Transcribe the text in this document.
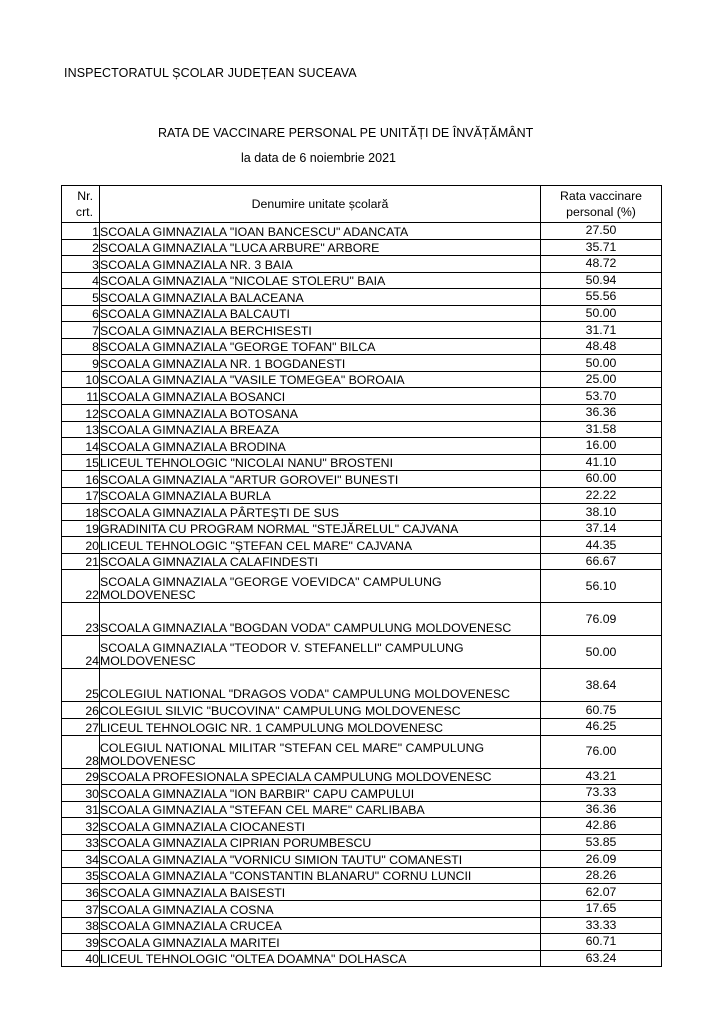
INSPECTORATUL ȘCOLAR JUDEȚEAN SUCEAVA
RATA DE VACCINARE PERSONAL PE UNITĂȚI DE ÎNVĂȚĂMÂNT
la data de 6 noiembrie 2021
Nr.
crt.	Denumire unitate școlară	Rata vaccinare
personal (%)

1	SCOALA GIMNAZIALA "IOAN BANCESCU" ADANCATA	27.50
2	SCOALA GIMNAZIALA "LUCA ARBURE" ARBORE	35.71
3	SCOALA GIMNAZIALA NR. 3 BAIA	48.72
4	SCOALA GIMNAZIALA "NICOLAE STOLERU" BAIA	50.94
5	SCOALA GIMNAZIALA BALACEANA	55.56
6	SCOALA GIMNAZIALA BALCAUTI	50.00
7	SCOALA GIMNAZIALA BERCHISESTI	31.71
8	SCOALA GIMNAZIALA "GEORGE TOFAN" BILCA	48.48
9	SCOALA GIMNAZIALA NR. 1 BOGDANESTI	50.00
10	SCOALA GIMNAZIALA "VASILE TOMEGEA" BOROAIA	25.00
11	SCOALA GIMNAZIALA BOSANCI	53.70
12	SCOALA GIMNAZIALA BOTOSANA	36.36
13	SCOALA GIMNAZIALA BREAZA	31.58
14	SCOALA GIMNAZIALA BRODINA	16.00
15	LICEUL TEHNOLOGIC "NICOLAI NANU" BROSTENI	41.10
16	SCOALA GIMNAZIALA "ARTUR GOROVEI" BUNESTI	60.00
17	SCOALA GIMNAZIALA BURLA	22.22
18	SCOALA GIMNAZIALA PÂRTEȘTI DE SUS	38.10
19	GRADINITA CU PROGRAM NORMAL "STEJĂRELUL" CAJVANA	37.14
20	LICEUL TEHNOLOGIC "ȘTEFAN CEL MARE" CAJVANA	44.35
21	SCOALA GIMNAZIALA CALAFINDESTI	66.67
22	SCOALA GIMNAZIALA "GEORGE VOEVIDCA" CAMPULUNG MOLDOVENESC	56.10
23	SCOALA GIMNAZIALA "BOGDAN VODA" CAMPULUNG MOLDOVENESC	76.09
24	SCOALA GIMNAZIALA "TEODOR V. STEFANELLI" CAMPULUNG MOLDOVENESC	50.00
25	COLEGIUL NATIONAL "DRAGOS VODA" CAMPULUNG MOLDOVENESC	38.64
26	COLEGIUL SILVIC "BUCOVINA" CAMPULUNG MOLDOVENESC	60.75
27	LICEUL TEHNOLOGIC NR. 1 CAMPULUNG MOLDOVENESC	46.25
28	COLEGIUL NATIONAL MILITAR "STEFAN CEL MARE" CAMPULUNG MOLDOVENESC	76.00
29	SCOALA PROFESIONALA SPECIALA CAMPULUNG MOLDOVENESC	43.21
30	SCOALA GIMNAZIALA "ION BARBIR" CAPU CAMPULUI	73.33
31	SCOALA GIMNAZIALA "STEFAN CEL MARE" CARLIBABA	36.36
32	SCOALA GIMNAZIALA CIOCANESTI	42.86
33	SCOALA GIMNAZIALA CIPRIAN PORUMBESCU	53.85
34	SCOALA GIMNAZIALA "VORNICU SIMION TAUTU" COMANESTI	26.09
35	SCOALA GIMNAZIALA "CONSTANTIN BLANARU" CORNU LUNCII	28.26
36	SCOALA GIMNAZIALA BAISESTI	62.07
37	SCOALA GIMNAZIALA COSNA	17.65
38	SCOALA GIMNAZIALA CRUCEA	33.33
39	SCOALA GIMNAZIALA MARITEI	60.71
40	LICEUL TEHNOLOGIC "OLTEA DOAMNA" DOLHASCA	63.24
